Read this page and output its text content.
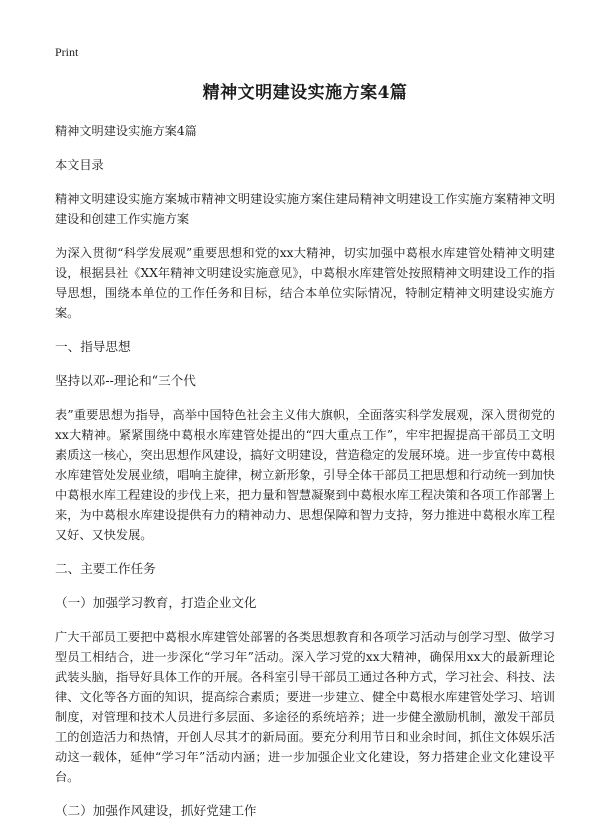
Print
精神文明建设实施方案4篇
精神文明建设实施方案4篇
本文目录
精神文明建设实施方案城市精神文明建设实施方案住建局精神文明建设工作实施方案精神文明建设和创建工作实施方案
为深入贯彻“科学发展观”重要思想和党的xx大精神，切实加强中葛根水库建管处精神文明建设，根据县社《XX年精神文明建设实施意见》，中葛根水库建管处按照精神文明建设工作的指导思想，围绕本单位的工作任务和目标，结合本单位实际情况，特制定精神文明建设实施方案。
一、指导思想
坚持以邓--理论和“三个代
表”重要思想为指导，高举中国特色社会主义伟大旗帜，全面落实科学发展观，深入贯彻党的xx大精神。紧紧围绕中葛根水库建管处提出的“四大重点工作”，牢牢把握提高干部员工文明素质这一核心，突出思想作风建设，搞好文明建设，营造稳定的发展环境。进一步宣传中葛根水库建管处发展业绩，唱响主旋律，树立新形象，引导全体干部员工把思想和行动统一到加快中葛根水库工程建设的步伐上来，把力量和智慧凝聚到中葛根水库工程决策和各项工作部署上来，为中葛根水库建设提供有力的精神动力、思想保障和智力支持，努力推进中葛根水库工程又好、又快发展。
二、主要工作任务
（一）加强学习教育，打造企业文化
广大干部员工要把中葛根水库建管处部署的各类思想教育和各项学习活动与创学习型、做学习型员工相结合，进一步深化“学习年”活动。深入学习党的xx大精神，确保用xx大的最新理论武装头脑，指导好具体工作的开展。各科室引导干部员工通过各种方式，学习社会、科技、法律、文化等各方面的知识，提高综合素质；要进一步建立、健全中葛根水库建管处学习、培训制度，对管理和技术人员进行多层面、多途径的系统培养；进一步健全激励机制，激发干部员工的创造活力和热情，开创人尽其才的新局面。要充分利用节日和业余时间，抓住文体娱乐活动这一载体，延伸“学习年”活动内涵；进一步加强企业文化建设，努力搭建企业文化建设平台。
（二）加强作风建设，抓好党建工作
